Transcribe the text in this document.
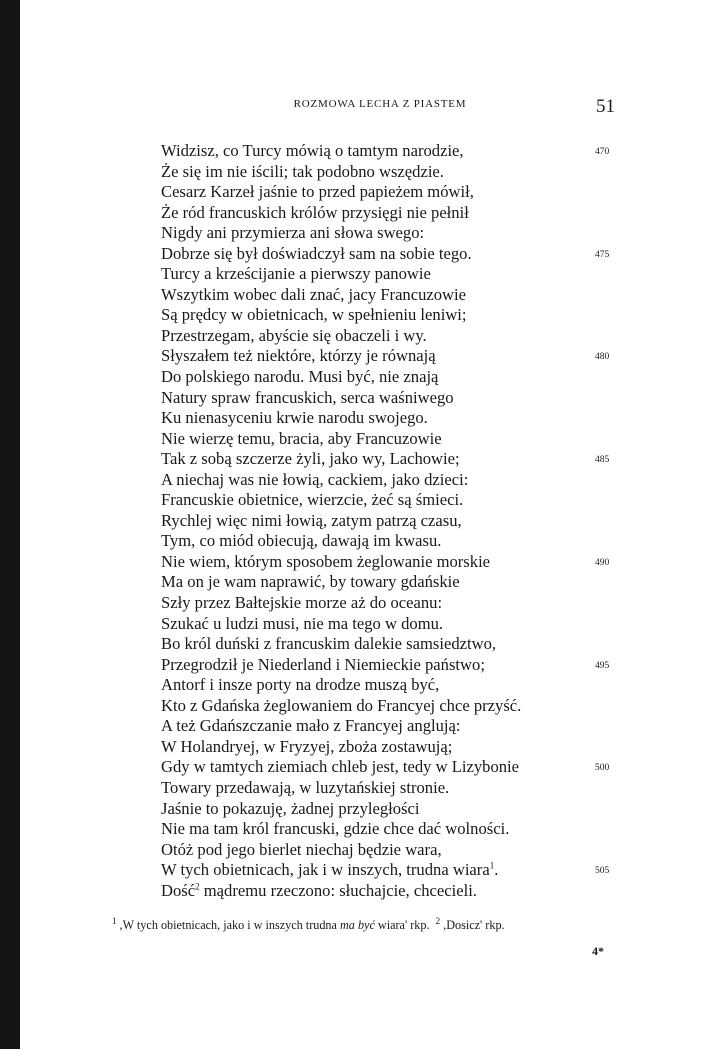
ROZMOWA LECHA Z PIASTEM	51
Widzisz, co Turcy mówią o tamtym narodzie,	470
Że się im nie iścili; tak podobno wszędzie.
Cesarz Karzeł jaśnie to przed papieżem mówił,
Że ród francuskich królów przysięgi nie pełnił
Nigdy ani przymierza ani słowa swego:
Dobrze się był doświadczył sam na sobie tego.	475
Turcy a krześcijanie a pierwszy panowie
Wszytkim wobec dali znać, jacy Francuzowie
Są prędcy w obietnicach, w spełnieniu leniwi;
Przestrzegam, abyście się obaczeli i wy.
Słyszałem też niektóre, którzy je równają	480
Do polskiego narodu. Musi być, nie znają
Natury spraw francuskich, serca waśniwego
Ku nienasyceniu krwie narodu swojego.
Nie wierzę temu, bracia, aby Francuzowie
Tak z sobą szczerze żyli, jako wy, Lachowie;	485
A niechaj was nie łowią, cackiem, jako dzieci:
Francuskie obietnice, wierzcie, żeć są śmieci.
Rychlej więc nimi łowią, zatym patrzą czasu,
Tym, co miód obiecują, dawają im kwasu.
Nie wiem, którym sposobem żeglowanie morskie	490
Ma on je wam naprawić, by towary gdańskie
Szły przez Bałtejskie morze aż do oceanu:
Szukać u ludzi musi, nie ma tego w domu.
Bo król duński z francuskim dalekie samsiedztwo,
Przegrodził je Niederland i Niemieckie państwo;	495
Antorf i insze porty na drodze muszą być,
Kto z Gdańska żeglowaniem do Francyej chce przyść.
A też Gdańszczanie mało z Francyej anglują:
W Holandryej, w Fryzyej, zboża zostawują;
Gdy w tamtych ziemiach chleb jest, tedy w Lizybonie	500
Towary przedawają, w luzytańskiej stronie.
Jaśnie to pokazuję, żadnej przyległości
Nie ma tam król francuski, gdzie chce dać wolności.
Otóż pod jego bierlet niechaj będzie wara,
W tych obietnicach, jak i w inszych, trudna wiara$^1$.	505
Dość$^2$ mądremu rzeczono: słuchajcie, chcecieli.
$^1$ ,W tych obietnicach, jako i w inszych trudna ma być wiara' rkp. $^2$ ,Dosicz' rkp.
4*
